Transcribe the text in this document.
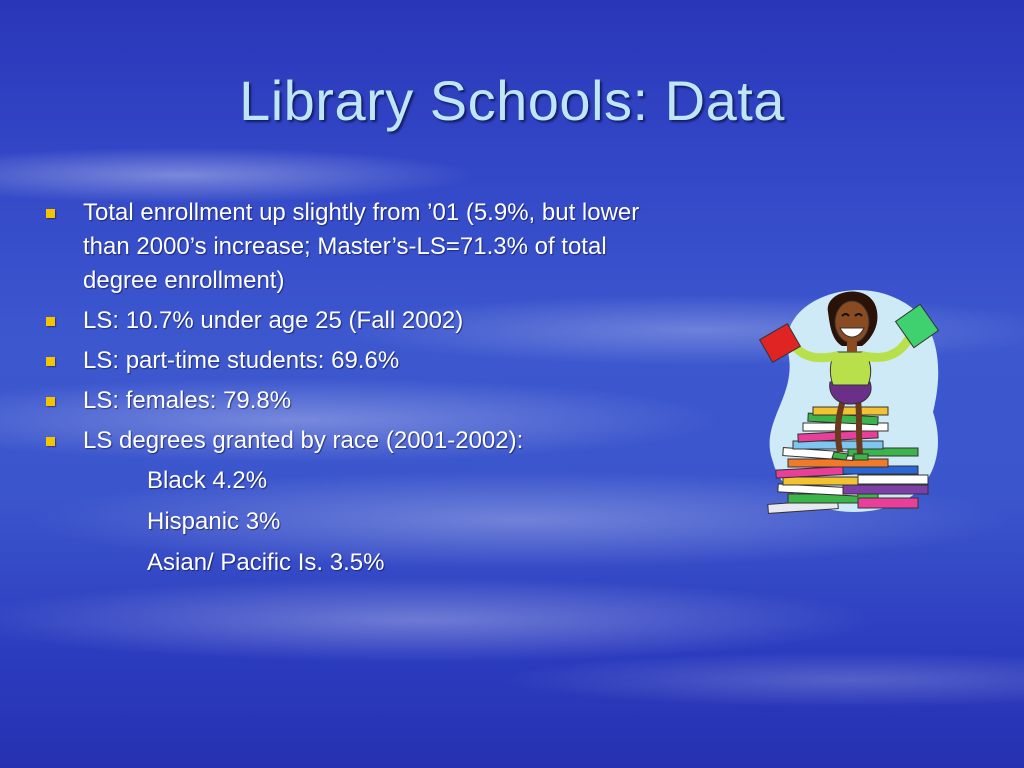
Library Schools: Data
Total enrollment up slightly from ’01 (5.9%, but lower than 2000’s increase; Master’s-LS=71.3% of total degree enrollment)
LS: 10.7% under age 25 (Fall 2002)
LS: part-time students: 69.6%
LS: females: 79.8%
LS degrees granted by race (2001-2002):
Black 4.2%
Hispanic 3%
Asian/ Pacific Is. 3.5%
